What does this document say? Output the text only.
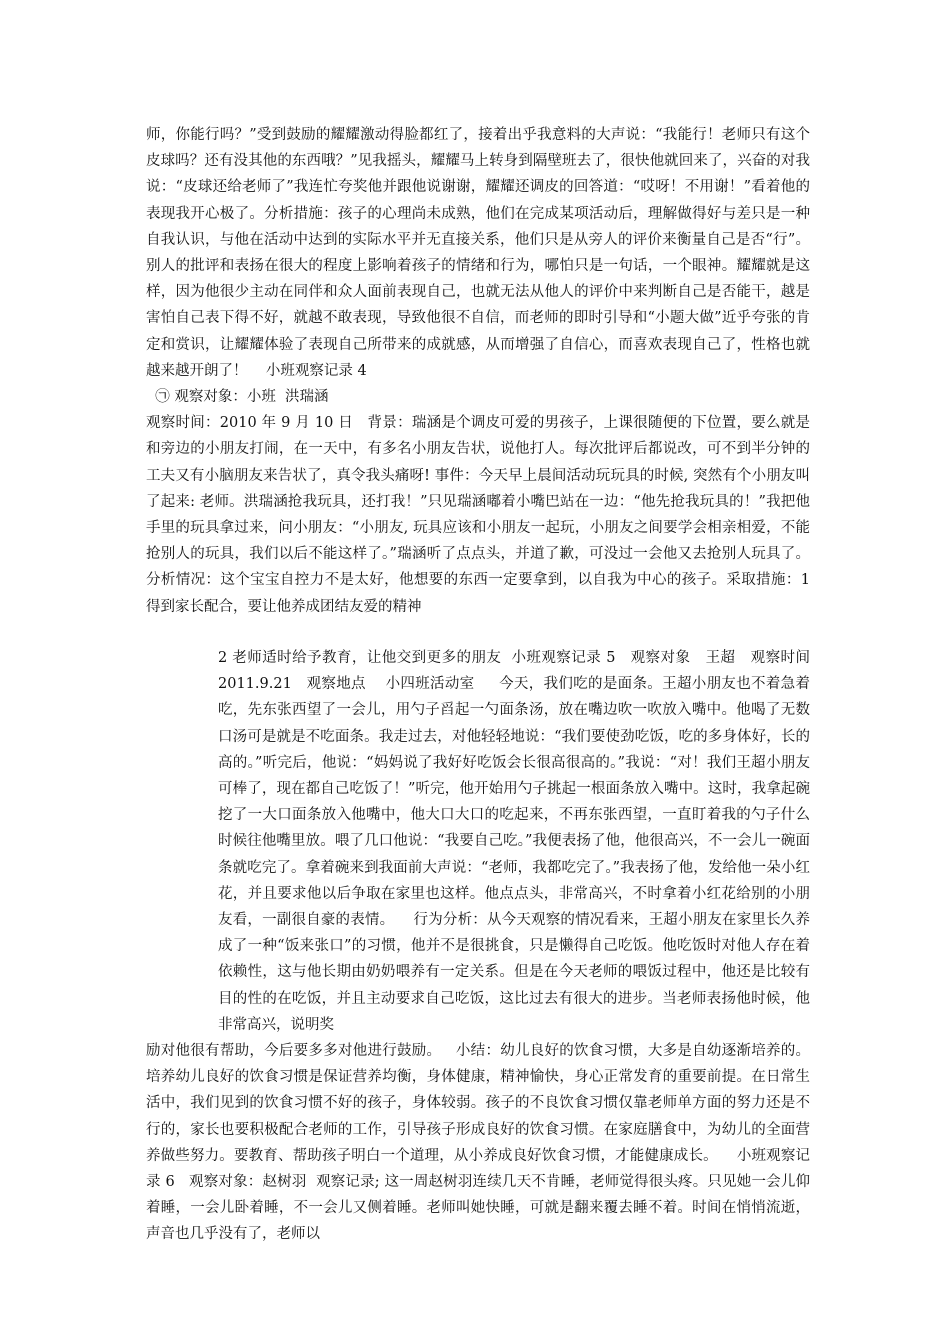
师，你能行吗？”受到鼓励的耀耀激动得脸都红了，接着出乎我意料的大声说：“我能行！老师只有这个皮球吗？还有没其他的东西哦？”见我摇头，耀耀马上转身到隔壁班去了，很快他就回来了，兴奋的对我说：“皮球还给老师了”我连忙夸奖他并跟他说谢谢，耀耀还调皮的回答道：“哎呀！不用谢！”看着他的表现我开心极了。分析措施：孩子的心理尚未成熟，他们在完成某项活动后，理解做得好与差只是一种自我认识，与他在活动中达到的实际水平并无直接关系，他们只是从旁人的评价来衡量自己是否“行”。别人的批评和表扬在很大的程度上影响着孩子的情绪和行为，哪怕只是一句话，一个眼神。耀耀就是这样，因为他很少主动在同伴和众人面前表现自己，也就无法从他人的评价中来判断自己是否能干，越是害怕自己表下得不好，就越不敢表现，导致他很不自信，而老师的即时引导和“小题大做”近乎夸张的肯定和赏识，让耀耀体验了表现自己所带来的成就感，从而增强了自信心，而喜欢表现自己了，性格也就越来越开朗了！    小班观察记录 4

㉠ 观察对象：小班  洪瑞涵

观察时间：2010 年 9 月 10 日   背景：瑞涵是个调皮可爱的男孩子，上课很随便的下位置，要么就是和旁边的小朋友打闹，在一天中，有多名小朋友告状，说他打人。每次批评后都说改，可不到半分钟的工夫又有小脑朋友来告状了，真令我头痛呀! 事件：今天早上晨间活动玩玩具的时候, 突然有个小朋友叫了起来: 老师。洪瑞涵抢我玩具，还打我！”只见瑞涵嘟着小嘴巴站在一边：“他先抢我玩具的！”我把他手里的玩具拿过来，问小朋友：“小朋友, 玩具应该和小朋友一起玩，小朋友之间要学会相亲相爱，不能抢别人的玩具，我们以后不能这样了。”瑞涵听了点点头，并道了歉，可没过一会他又去抢别人玩具了。 分析情况：这个宝宝自控力不是太好，他想要的东西一定要拿到，以自我为中心的孩子。采取措施：1 得到家长配合，要让他养成团结友爱的精神

2 老师适时给予教育，让他交到更多的朋友  小班观察记录 5   观察对象   王超   观察时间    2011.9.21   观察地点    小四班活动室     今天，我们吃的是面条。王超小朋友也不着急着吃，先东张西望了一会儿，用勺子舀起一勺面条汤，放在嘴边吹一吹放入嘴中。他喝了无数口汤可是就是不吃面条。我走过去，对他轻轻地说：“我们要使劲吃饭，吃的多身体好，长的高的。”听完后，他说：“妈妈说了我好好吃饭会长很高很高的。”我说：“对！我们王超小朋友可棒了，现在都自己吃饭了！”听完，他开始用勺子挑起一根面条放入嘴中。这时，我拿起碗挖了一大口面条放入他嘴中，他大口大口的吃起来，不再东张西望，一直盯着我的勺子什么时候往他嘴里放。喂了几口他说：“我要自己吃。”我便表扬了他，他很高兴，不一会儿一碗面条就吃完了。拿着碗来到我面前大声说：“老师，我都吃完了。”我表扬了他，发给他一朵小红花，并且要求他以后争取在家里也这样。他点点头，非常高兴，不时拿着小红花给别的小朋友看，一副很自豪的表情。    行为分析：从今天观察的情况看来，王超小朋友在家里长久养成了一种“饭来张口”的习惯，他并不是很挑食，只是懒得自己吃饭。他吃饭时对他人存在着依赖性，这与他长期由奶奶喂养有一定关系。但是在今天老师的喂饭过程中，他还是比较有目的性的在吃饭，并且主动要求自己吃饭，这比过去有很大的进步。当老师表扬他时候，他非常高兴，说明奖

励对他很有帮助，今后要多多对他进行鼓励。   小结：幼儿良好的饮食习惯，大多是自幼逐渐培养的。培养幼儿良好的饮食习惯是保证营养均衡，身体健康，精神愉快，身心正常发育的重要前提。在日常生活中，我们见到的饮食习惯不好的孩子，身体较弱。孩子的不良饮食习惯仅靠老师单方面的努力还是不行的，家长也要积极配合老师的工作，引导孩子形成良好的饮食习惯。在家庭膳食中，为幼儿的全面营养做些努力。要教育、帮助孩子明白一个道理，从小养成良好饮食习惯，才能健康成长。    小班观察记录 6   观察对象：赵树羽  观察记录; 这一周赵树羽连续几天不肯睡，老师觉得很头疼。只见她一会儿仰着睡，一会儿卧着睡，不一会儿又侧着睡。老师叫她快睡，可就是翻来覆去睡不着。时间在悄悄流逝，声音也几乎没有了，老师以
